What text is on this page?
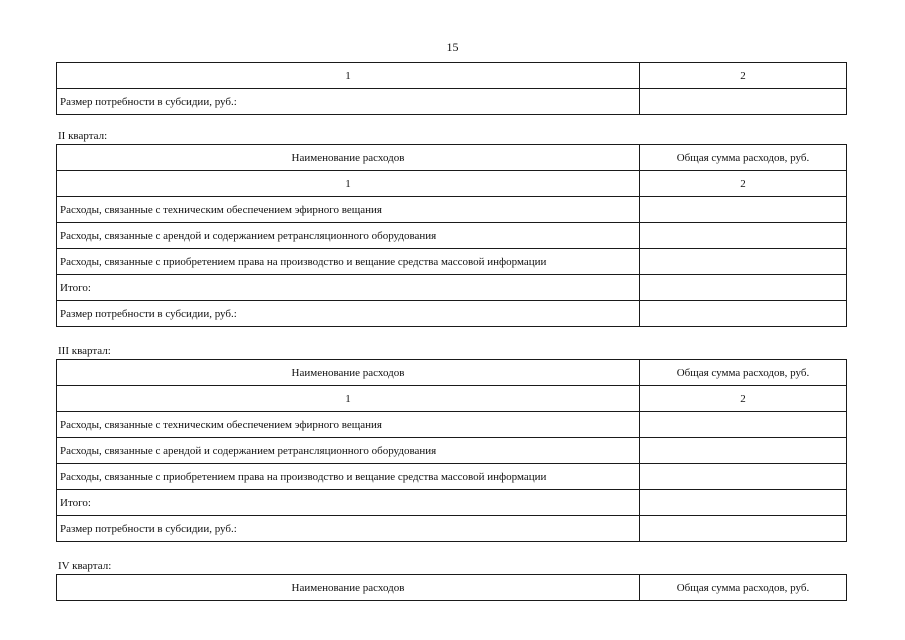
15
1	2
Размер потребности в субсидии, руб.:	
II квартал:
Наименование расходов	Общая сумма расходов, руб.
1	2
Расходы, связанные с техническим обеспечением эфирного вещания	
Расходы, связанные с арендой и содержанием ретрансляционного оборудования	
Расходы, связанные с приобретением права на производство и вещание средства массовой информации	
Итого:	
Размер потребности в субсидии, руб.:	
III квартал:
Наименование расходов	Общая сумма расходов, руб.
1	2
Расходы, связанные с техническим обеспечением эфирного вещания	
Расходы, связанные с арендой и содержанием ретрансляционного оборудования	
Расходы, связанные с приобретением права на производство и вещание средства массовой информации	
Итого:	
Размер потребности в субсидии, руб.:	
IV квартал:
Наименование расходов	Общая сумма расходов, руб.
